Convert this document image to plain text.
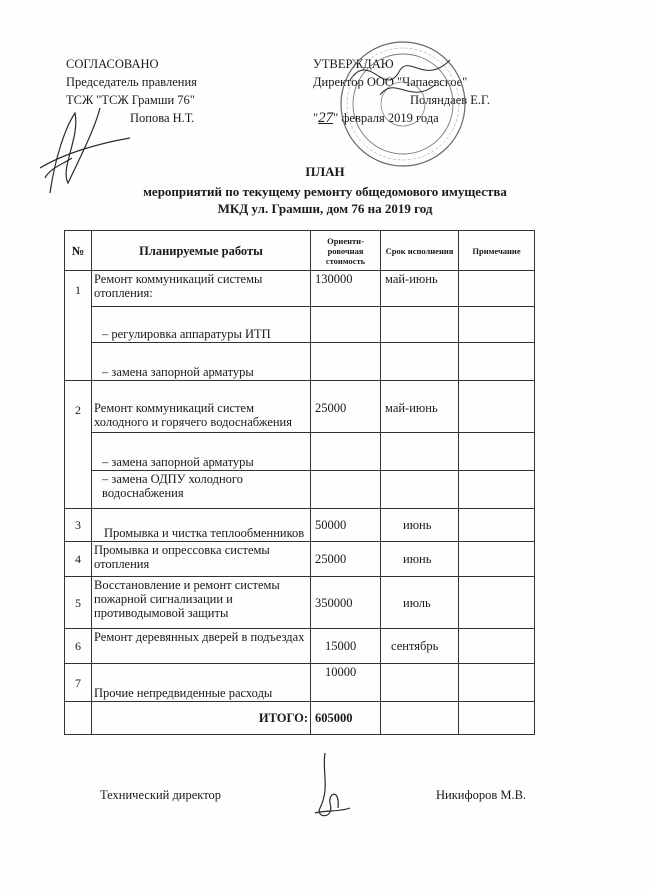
СОГЛАСОВАНО
Председатель правления
ТСЖ "ТСЖ Грамши 76"
Попова Н.Т.
УТВЕРЖДАЮ
Директор ООО "Чапаевское"
Поляндаев Е.Г.
"27" февраля 2019 года
ПЛАН
мероприятий по текущему ремонту общедомового имущества
МКД ул. Грамши, дом 76 на 2019 год
№	Планируемые работы	Ориенти-ровочная стоимость	Срок исполнения	Примечание
1	Ремонт коммуникаций системы отопления:	130000	май-июнь	
	– регулировка аппаратуры ИТП			
	– замена запорной арматуры			
2	Ремонт коммуникаций систем холодного и горячего водоснабжения	25000	май-июнь	
	– замена запорной арматуры			
	– замена ОДПУ холодного водоснабжения			
3	Промывка и чистка теплообменников	50000	июнь	
4	Промывка и опрессовка системы отопления	25000	июнь	
5	Восстановление и ремонт системы пожарной сигнализации и противодымовой защиты	350000	июль	
6	Ремонт деревянных дверей в подъездах	15000	сентябрь	
7	Прочие непредвиденные расходы	10000		
	ИТОГО:	605000		
Технический директор	Никифоров М.В.
